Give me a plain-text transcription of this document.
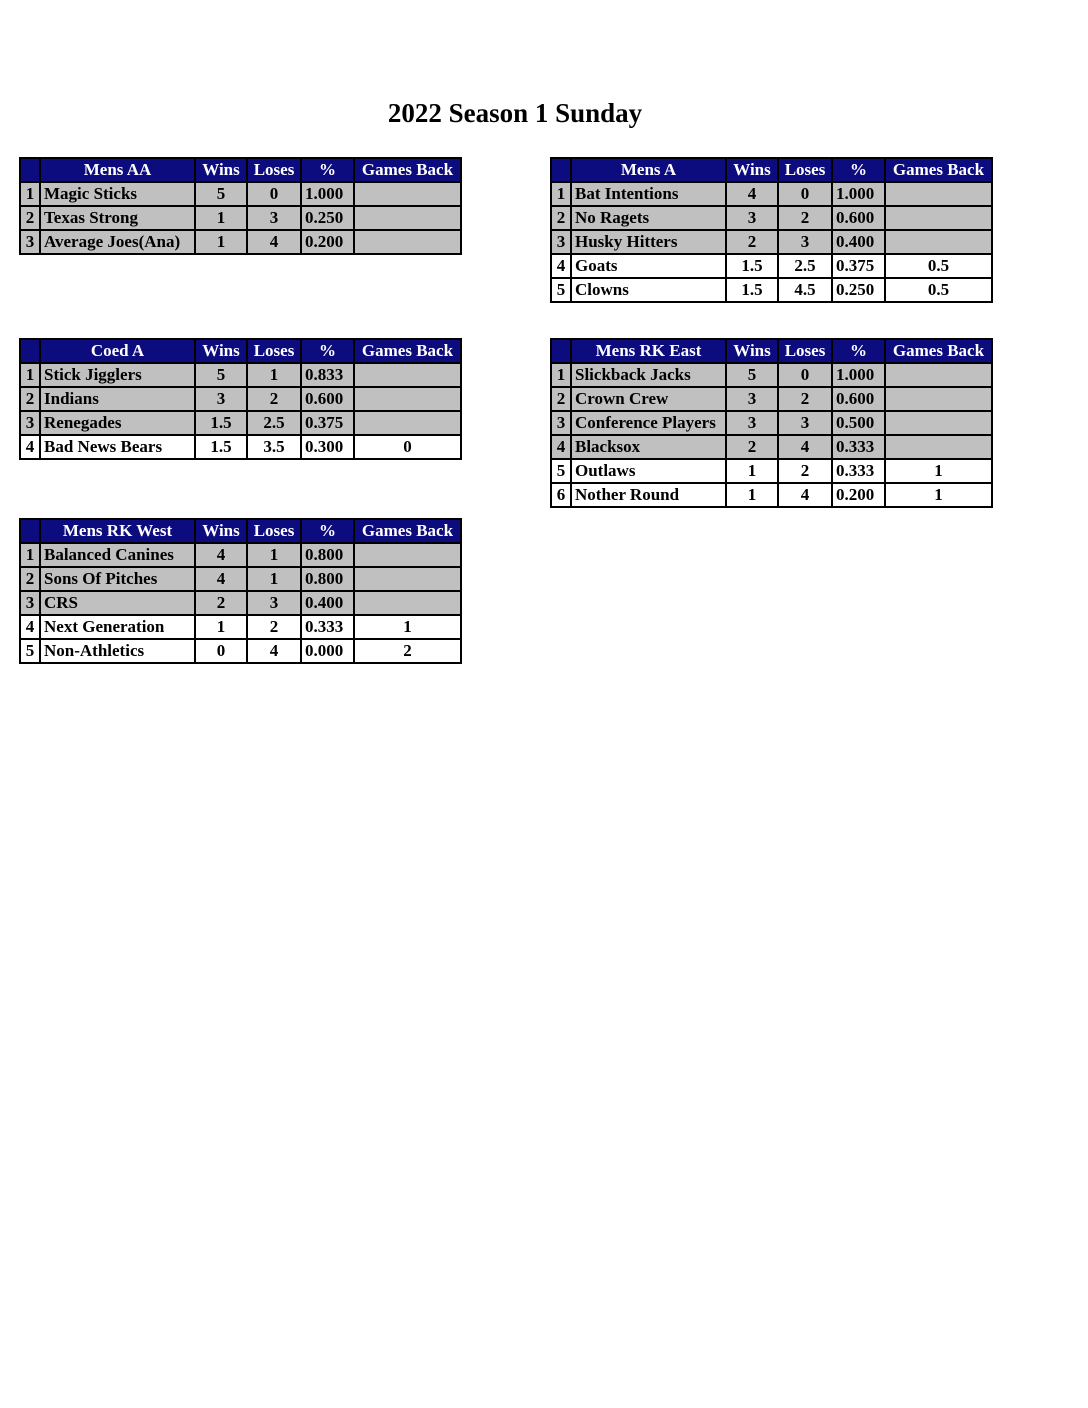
2022 Season 1 Sunday
	Mens AA	Wins	Loses	%	Games Back
1	Magic Sticks	5	0	1.000	
2	Texas Strong	1	3	0.250	
3	Average Joes(Ana)	1	4	0.200	
	Mens A	Wins	Loses	%	Games Back
1	Bat Intentions	4	0	1.000	
2	No Ragets	3	2	0.600	
3	Husky Hitters	2	3	0.400	
4	Goats	1.5	2.5	0.375	0.5
5	Clowns	1.5	4.5	0.250	0.5
	Coed A	Wins	Loses	%	Games Back
1	Stick Jigglers	5	1	0.833	
2	Indians	3	2	0.600	
3	Renegades	1.5	2.5	0.375	
4	Bad News Bears	1.5	3.5	0.300	0
	Mens RK East	Wins	Loses	%	Games Back
1	Slickback Jacks	5	0	1.000	
2	Crown Crew	3	2	0.600	
3	Conference Players	3	3	0.500	
4	Blacksox	2	4	0.333	
5	Outlaws	1	2	0.333	1
6	Nother Round	1	4	0.200	1
	Mens RK West	Wins	Loses	%	Games Back
1	Balanced Canines	4	1	0.800	
2	Sons Of Pitches	4	1	0.800	
3	CRS	2	3	0.400	
4	Next Generation	1	2	0.333	1
5	Non-Athletics	0	4	0.000	2
